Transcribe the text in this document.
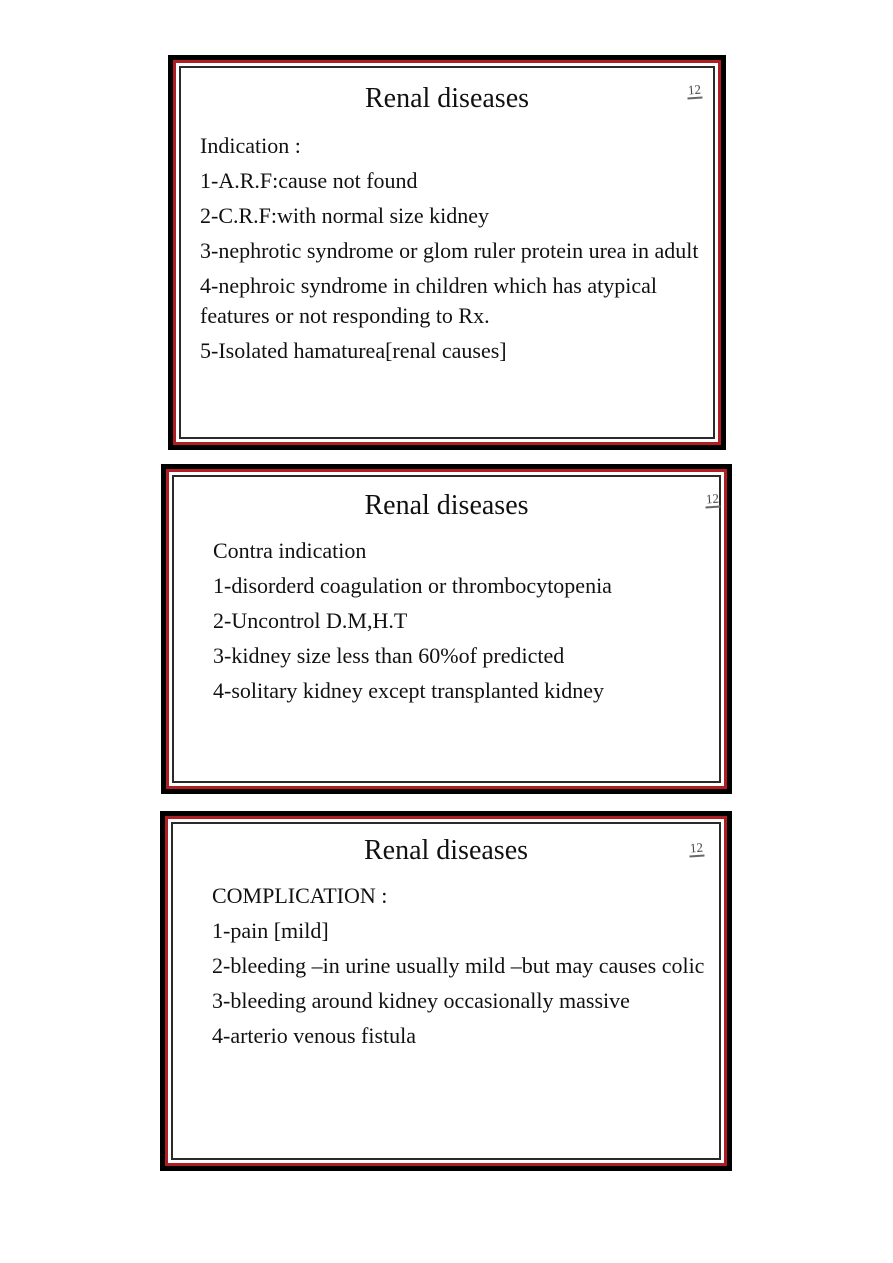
Renal diseases	12
Indication :
1-A.R.F:cause not found
2-C.R.F:with normal size kidney
3-nephrotic syndrome or glom ruler protein urea in adult
4-nephroic syndrome in children which has atypical features or not responding to Rx.
5-Isolated hamaturea[renal causes]
Renal diseases	12
Contra indication
1-disorderd coagulation or thrombocytopenia
2-Uncontrol D.M,H.T
3-kidney size less than 60%of predicted
4-solitary kidney except transplanted kidney
Renal diseases	12
COMPLICATION :
1-pain [mild]
2-bleeding –in urine usually mild –but may causes colic
3-bleeding around kidney occasionally massive
4-arterio venous fistula
